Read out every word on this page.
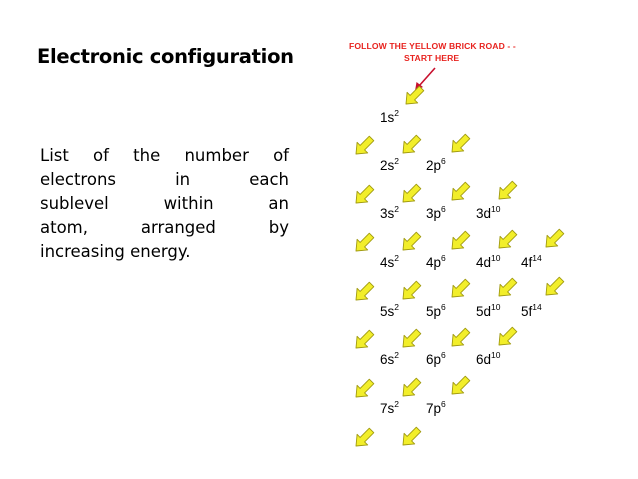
Electronic configuration
List of the number of
electrons	in	each
sublevel	within	an
atom,	arranged	by
increasing energy.
FOLLOW THE YELLOW BRICK ROAD - -
START HERE
$1s^2$
$2s^2$ $2p^6$
$3s^2$ $3p^6$ $3d^{10}$
$4s^2$ $4p^6$ $4d^{10}$ $4f^{14}$
$5s^2$ $5p^6$ $5d^{10}$ $5f^{14}$
$6s^2$ $6p^6$ $6d^{10}$
$7s^2$ $7p^6$
